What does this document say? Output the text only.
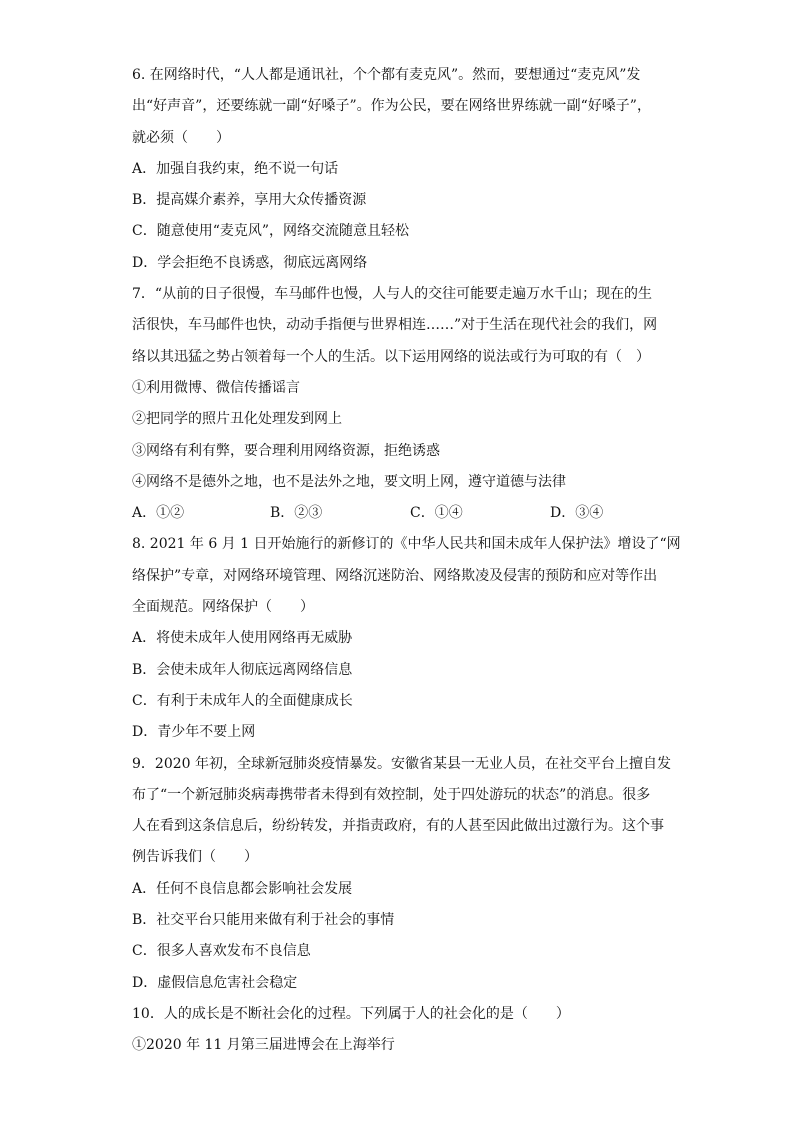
6. 在网络时代，“人人都是通讯社，个个都有麦克风”。然而，要想通过“麦克风”发
出“好声音”，还要练就一副“好嗓子”。作为公民，要在网络世界练就一副“好嗓子”，
就必须（　　）
A．加强自我约束，绝不说一句话
B．提高媒介素养，享用大众传播资源
C．随意使用“麦克风”，网络交流随意且轻松
D．学会拒绝不良诱惑，彻底远离网络
7．“从前的日子很慢，车马邮件也慢，人与人的交往可能要走遍万水千山；现在的生
活很快，车马邮件也快，动动手指便与世界相连……”对于生活在现代社会的我们，网
络以其迅猛之势占领着每一个人的生活。以下运用网络的说法或行为可取的有（　）
①利用微博、微信传播谣言
②把同学的照片丑化处理发到网上
③网络有利有弊，要合理利用网络资源，拒绝诱惑
④网络不是德外之地，也不是法外之地，要文明上网，遵守道德与法律
A．①②	B．②③	C．①④	D．③④
8. 2021 年 6 月 1 日开始施行的新修订的《中华人民共和国未成年人保护法》增设了“网
络保护”专章，对网络环境管理、网络沉迷防治、网络欺凌及侵害的预防和应对等作出
全面规范。网络保护（　　）
A．将使未成年人使用网络再无威胁
B．会使未成年人彻底远离网络信息
C．有利于未成年人的全面健康成长
D．青少年不要上网
9．2020 年初，全球新冠肺炎疫情暴发。安徽省某县一无业人员，在社交平台上擅自发
布了“一个新冠肺炎病毒携带者未得到有效控制，处于四处游玩的状态”的消息。很多
人在看到这条信息后，纷纷转发，并指责政府，有的人甚至因此做出过激行为。这个事
例告诉我们（　　）
A．任何不良信息都会影响社会发展
B．社交平台只能用来做有利于社会的事情
C．很多人喜欢发布不良信息
D．虚假信息危害社会稳定
10．人的成长是不断社会化的过程。下列属于人的社会化的是（　　）
①2020 年 11 月第三届进博会在上海举行
